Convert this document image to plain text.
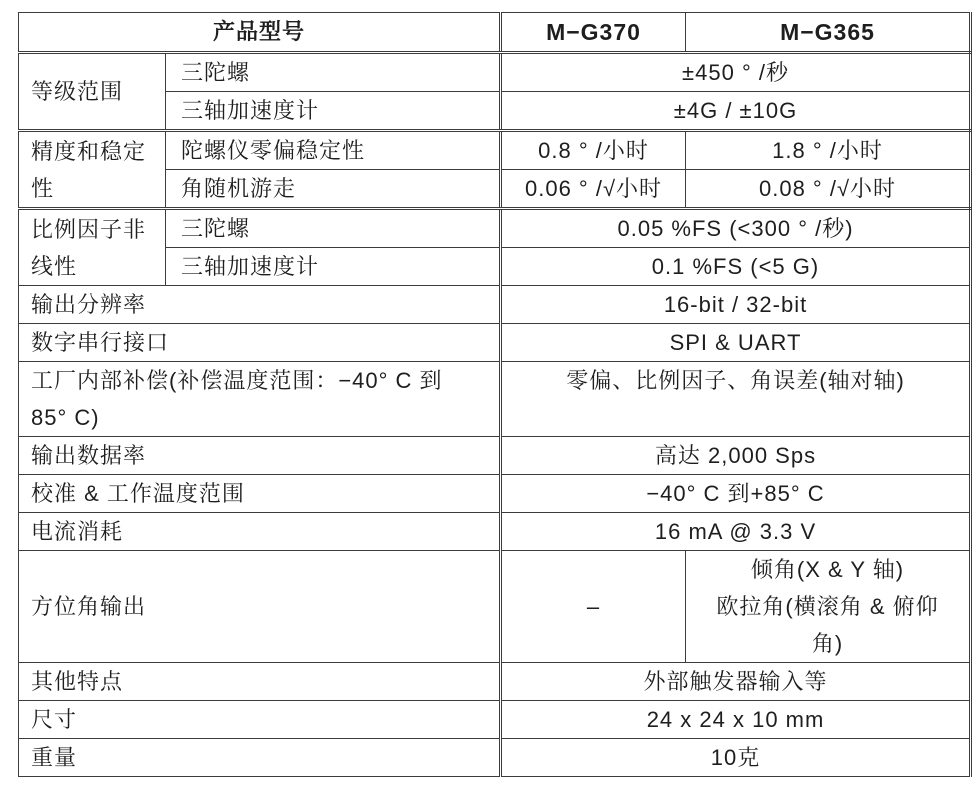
产品型号		M−G370	M−G365
等级范围	三陀螺	±450 ° /秒	
	三轴加速度计	±4G / ±10G	
精度和稳定性	陀螺仪零偏稳定性	0.8 ° /小时	1.8 ° /小时
	角随机游走	0.06 ° /√小时	0.08 ° /√小时
比例因子非线性	三陀螺	0.05 %FS (<300 ° /秒)	
	三轴加速度计	0.1 %FS (<5 G)	
输出分辨率		16-bit / 32-bit	
数字串行接口		SPI & UART	
工厂内部补偿(补偿温度范围：−40° C 到 85° C)		零偏、比例因子、角误差(轴对轴)	
输出数据率		高达 2,000 Sps	
校准 & 工作温度范围		−40° C 到+85° C	
电流消耗		16 mA @ 3.3 V	
方位角输出		–	倾角(X & Y 轴)
欧拉角(横滚角 & 俯仰角)

其他特点		外部触发器输入等	
尺寸		24 x 24 x 10 mm	
重量		10克	
